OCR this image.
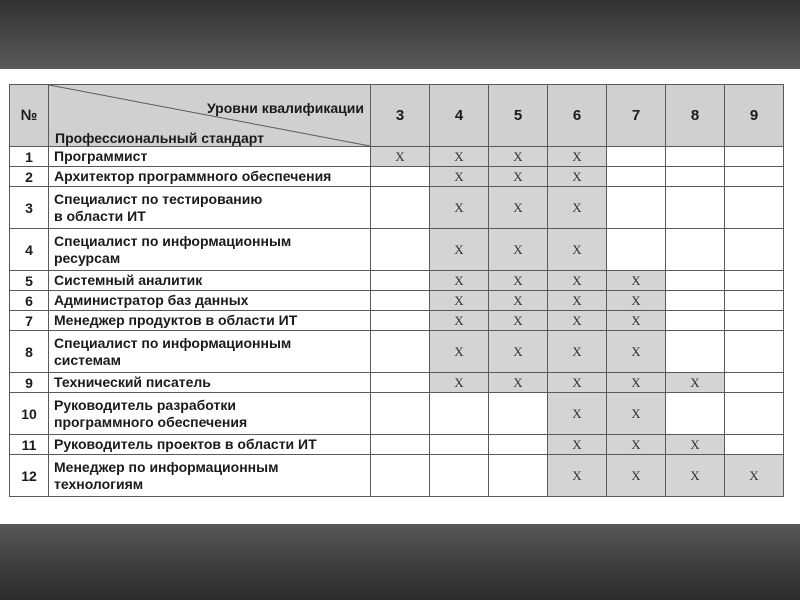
№	Уровни квалификации
Профессиональный стандарт	3	4	5	6	7	8	9
1	Программист	X	X	X	X			
2	Архитектор программного обеспечения		X	X	X			
3	Специалист по тестированию
в области ИТ		X	X	X			
4	Специалист по информационным
ресурсам		X	X	X			
5	Системный аналитик		X	X	X	X		
6	Администратор баз данных		X	X	X	X		
7	Менеджер продуктов в области ИТ		X	X	X	X		
8	Специалист по информационным
системам		X	X	X	X		
9	Технический писатель		X	X	X	X	X	
10	Руководитель разработки
программного обеспечения				X	X		
11	Руководитель проектов в области ИТ				X	X	X	
12	Менеджер по информационным
технологиям				X	X	X	X
